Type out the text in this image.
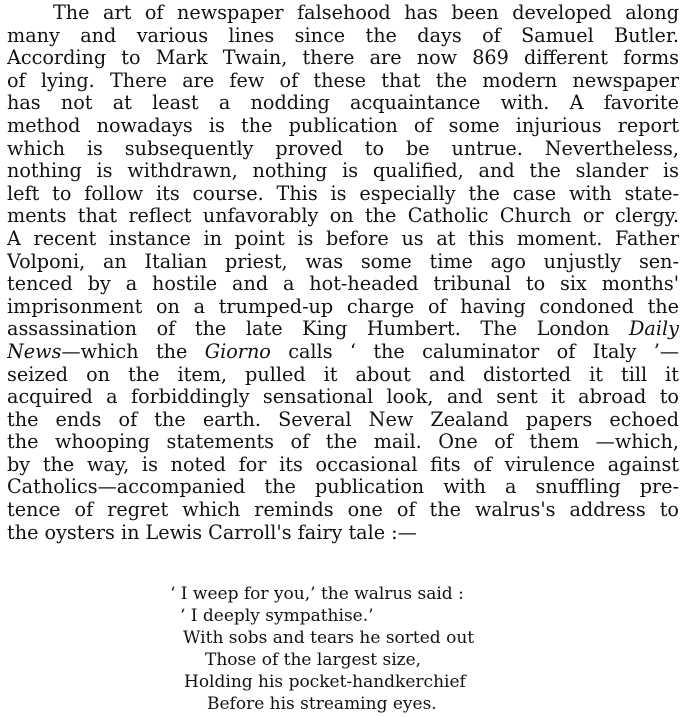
The art of newspaper falsehood has been developed along
many and various lines since the days of Samuel Butler.
According to Mark Twain, there are now 869 different forms
of lying. There are few of these that the modern newspaper
has not at least a nodding acquaintance with. A favorite
method nowadays is the publication of some injurious report
which is subsequently proved to be untrue. Nevertheless,
nothing is withdrawn, nothing is qualified, and the slander is
left to follow its course. This is especially the case with state-
ments that reflect unfavorably on the Catholic Church or clergy.
A recent instance in point is before us at this moment. Father
Volponi, an Italian priest, was some time ago unjustly sen-
tenced by a hostile and a hot-headed tribunal to six months'
imprisonment on a trumped-up charge of having condoned the
assassination of the late King Humbert. The London Daily
News—which the Giorno calls ‘ the caluminator of Italy ’—
seized on the item, pulled it about and distorted it till it
acquired a forbiddingly sensational look, and sent it abroad to
the ends of the earth. Several New Zealand papers echoed
the whooping statements of the mail. One of them —which,
by the way, is noted for its occasional fits of virulence against
Catholics—accompanied the publication with a snuffling pre-
tence of regret which reminds one of the walrus's address to
the oysters in Lewis Carroll's fairy tale :—
‘ I weep for you,’ the walrus said :
‘ I deeply sympathise.’
With sobs and tears he sorted out
Those of the largest size,
Holding his pocket-handkerchief
Before his streaming eyes.
